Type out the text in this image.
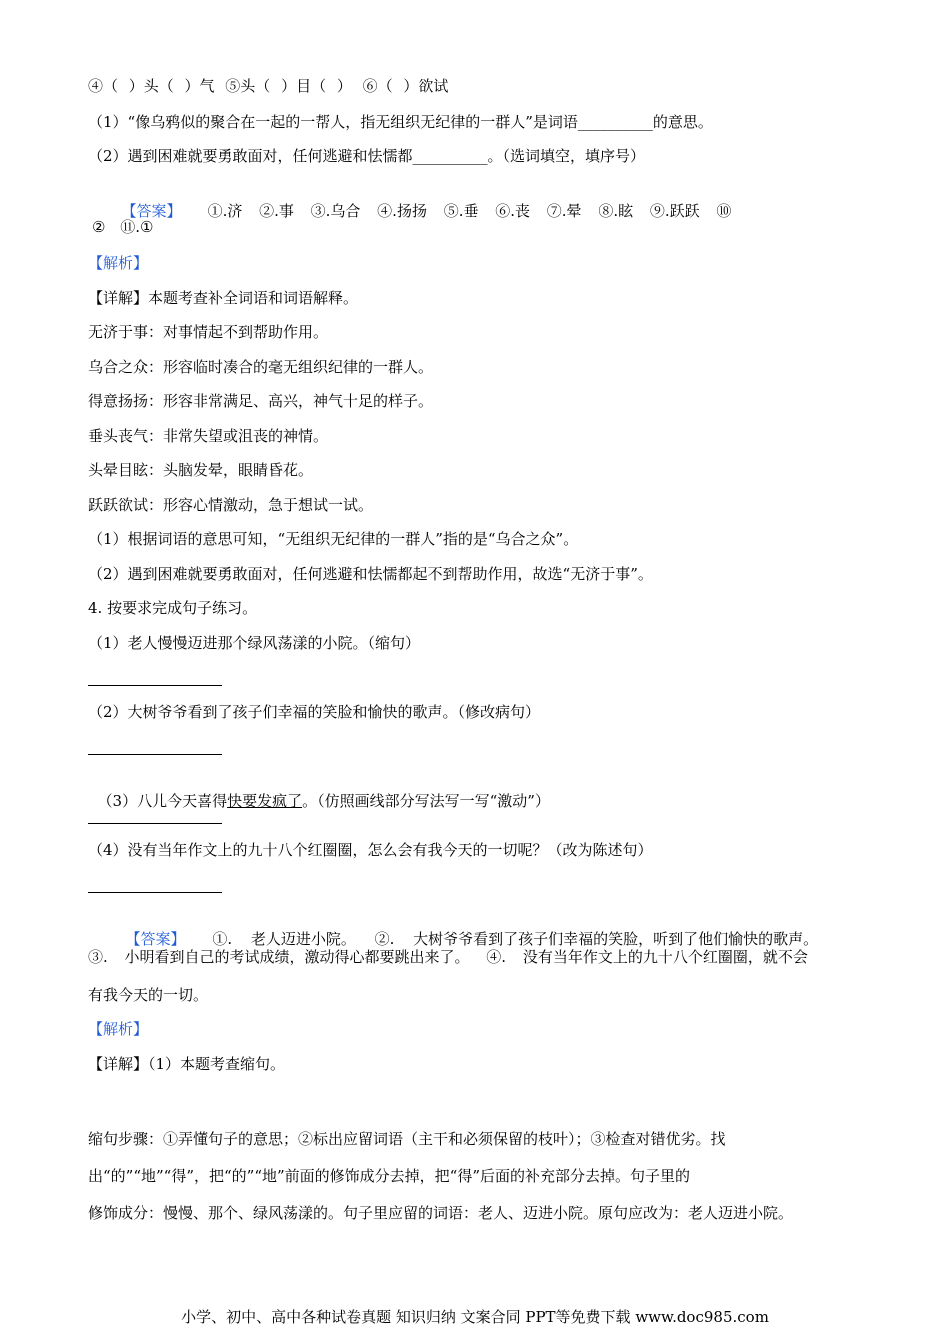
④（ ）头（ ）气 ⑤头（ ）目（ ） ⑥（ ）欲试
（1）“像乌鸦似的聚合在一起的一帮人，指无组织无纪律的一群人”是词语__________的意思。
（2）遇到困难就要勇敢面对，任何逃避和怯懦都__________。（选词填空，填序号）

【答案】 ①.济 ②.事 ③.乌合 ④.扬扬 ⑤.垂 ⑥.丧 ⑦.晕 ⑧.眩 ⑨.跃跃 ⑩

② ⑪.①
【解析】
【详解】本题考查补全词语和词语解释。
无济于事：对事情起不到帮助作用。
乌合之众：形容临时凑合的毫无组织纪律的一群人。
得意扬扬：形容非常满足、高兴，神气十足的样子。
垂头丧气：非常失望或沮丧的神情。
头晕目眩：头脑发晕，眼睛昏花。
跃跃欲试：形容心情激动，急于想试一试。
（1）根据词语的意思可知，“无组织无纪律的一群人”指的是“乌合之众”。
（2）遇到困难就要勇敢面对，任何逃避和怯懦都起不到帮助作用，故选“无济于事”。
4. 按要求完成句子练习。
（1）老人慢慢迈进那个绿风荡漾的小院。（缩句）
（2）大树爷爷看到了孩子们幸福的笑脸和愉快的歌声。（修改病句）

（3）八儿今天喜得快要发疯了。（仿照画线部分写法写一写“激动”）

（4）没有当年作文上的九十八个红圈圈，怎么会有我今天的一切呢？（改为陈述句）

【答案】 ①. 老人迈进小院。 ②. 大树爷爷看到了孩子们幸福的笑脸，听到了他们愉快的歌声。

③. 小明看到自己的考试成绩，激动得心都要跳出来了。 ④. 没有当年作文上的九十八个红圈圈，就不会
有我今天的一切。
【解析】
【详解】（1）本题考查缩句。
缩句步骤：①弄懂句子的意思；②标出应留词语（主干和必须保留的枝叶）；③检查对错优劣。找
出“的”“地”“得”，把“的”“地”前面的修饰成分去掉，把“得”后面的补充部分去掉。句子里的
修饰成分：慢慢、那个、绿风荡漾的。句子里应留的词语：老人、迈进小院。原句应改为：老人迈进小院。
小学、初中、高中各种试卷真题 知识归纳 文案合同 PPT等免费下载 www.doc985.com
